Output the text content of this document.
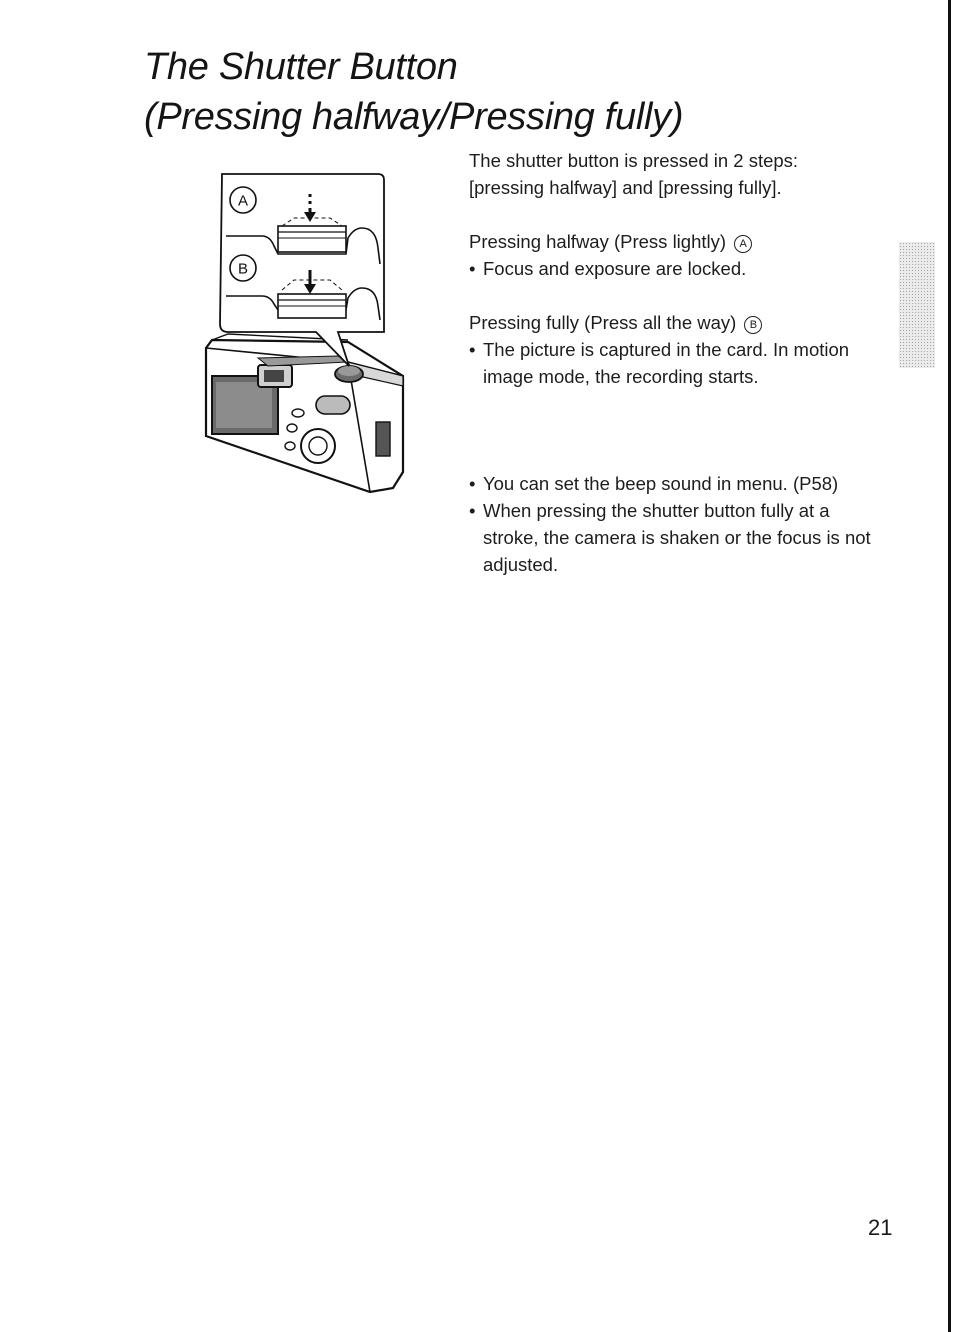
The Shutter Button
(Pressing halfway/Pressing fully)
A
B

The shutter button is pressed in 2 steps:
[pressing halfway] and [pressing fully].

Pressing halfway (Press lightly) A

• Focus and exposure are locked.

Pressing fully (Press all the way) B

• The picture is captured in the card. In motion image mode, the recording starts.
• You can set the beep sound in menu. (P58)
• When pressing the shutter button fully at a stroke, the camera is shaken or the focus is not adjusted.
21
